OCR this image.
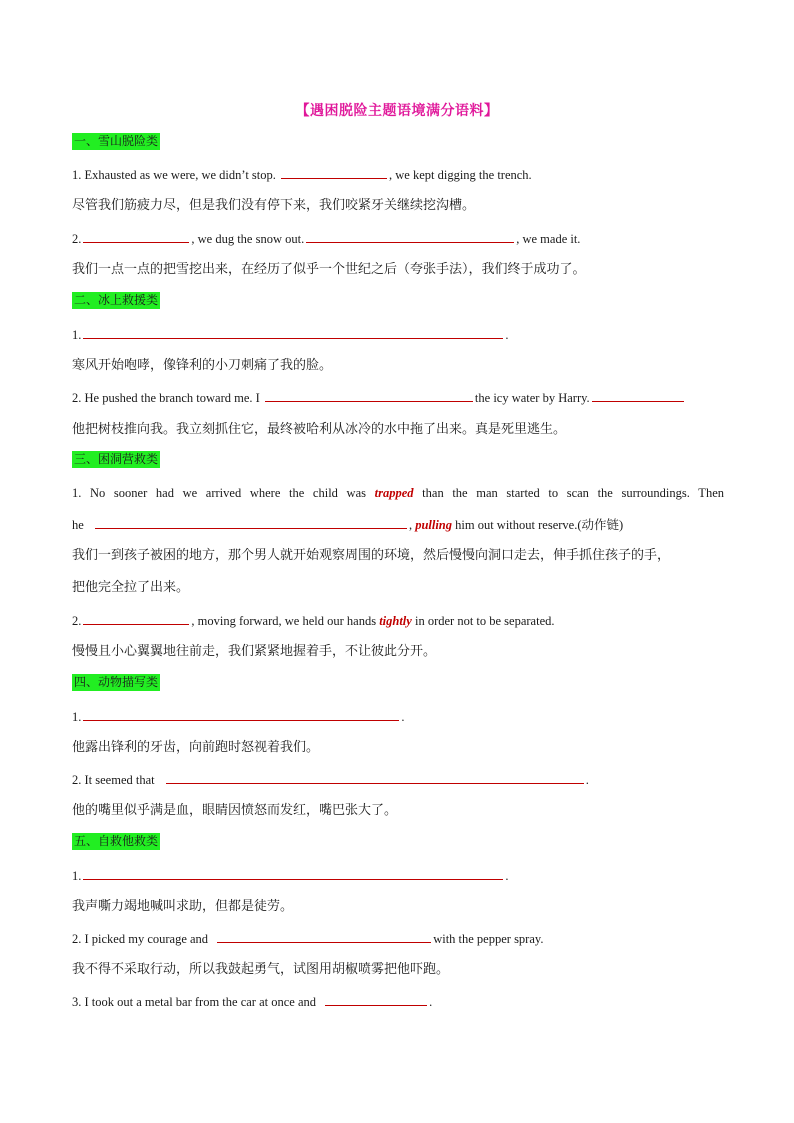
【遇困脱险主题语境满分语料】
一、雪山脱险类
1. Exhausted as we were, we didn’t stop.	, we kept digging the trench.
尽管我们筋疲力尽，但是我们没有停下来，我们咬紧牙关继续挖沟槽。
2.	, we dug the snow out.	, we made it.
我们一点一点的把雪挖出来，在经历了似乎一个世纪之后（夸张手法），我们终于成功了。
二、冰上救援类
1.	.
寒风开始咆哮，像锋利的小刀刺痛了我的脸。
2. He pushed the branch toward me. I	the icy water by Harry.
他把树枝推向我。我立刻抓住它，最终被哈利从冰冷的水中拖了出来。真是死里逃生。
三、困洞营救类
1. No sooner had we arrived where the child was trapped than the man started to scan the surroundings. Then
he	, pulling him out without reserve.(动作链)
我们一到孩子被困的地方，那个男人就开始观察周围的环境，然后慢慢向洞口走去，伸手抓住孩子的手，
把他完全拉了出来。
2.	, moving forward, we held our hands tightly in order not to be separated.
慢慢且小心翼翼地往前走，我们紧紧地握着手，不让彼此分开。
四、动物描写类
1.	.
他露出锋利的牙齿，向前跑时怒视着我们。
2. It seemed that	.
他的嘴里似乎满是血，眼睛因愤怒而发红，嘴巴张大了。
五、自救他救类
1.	.
我声嘶力竭地喊叫求助，但都是徒劳。
2. I picked my courage and	with the pepper spray.
我不得不采取行动，所以我鼓起勇气，试图用胡椒喷雾把他吓跑。
3. I took out a metal bar from the car at once and	.
